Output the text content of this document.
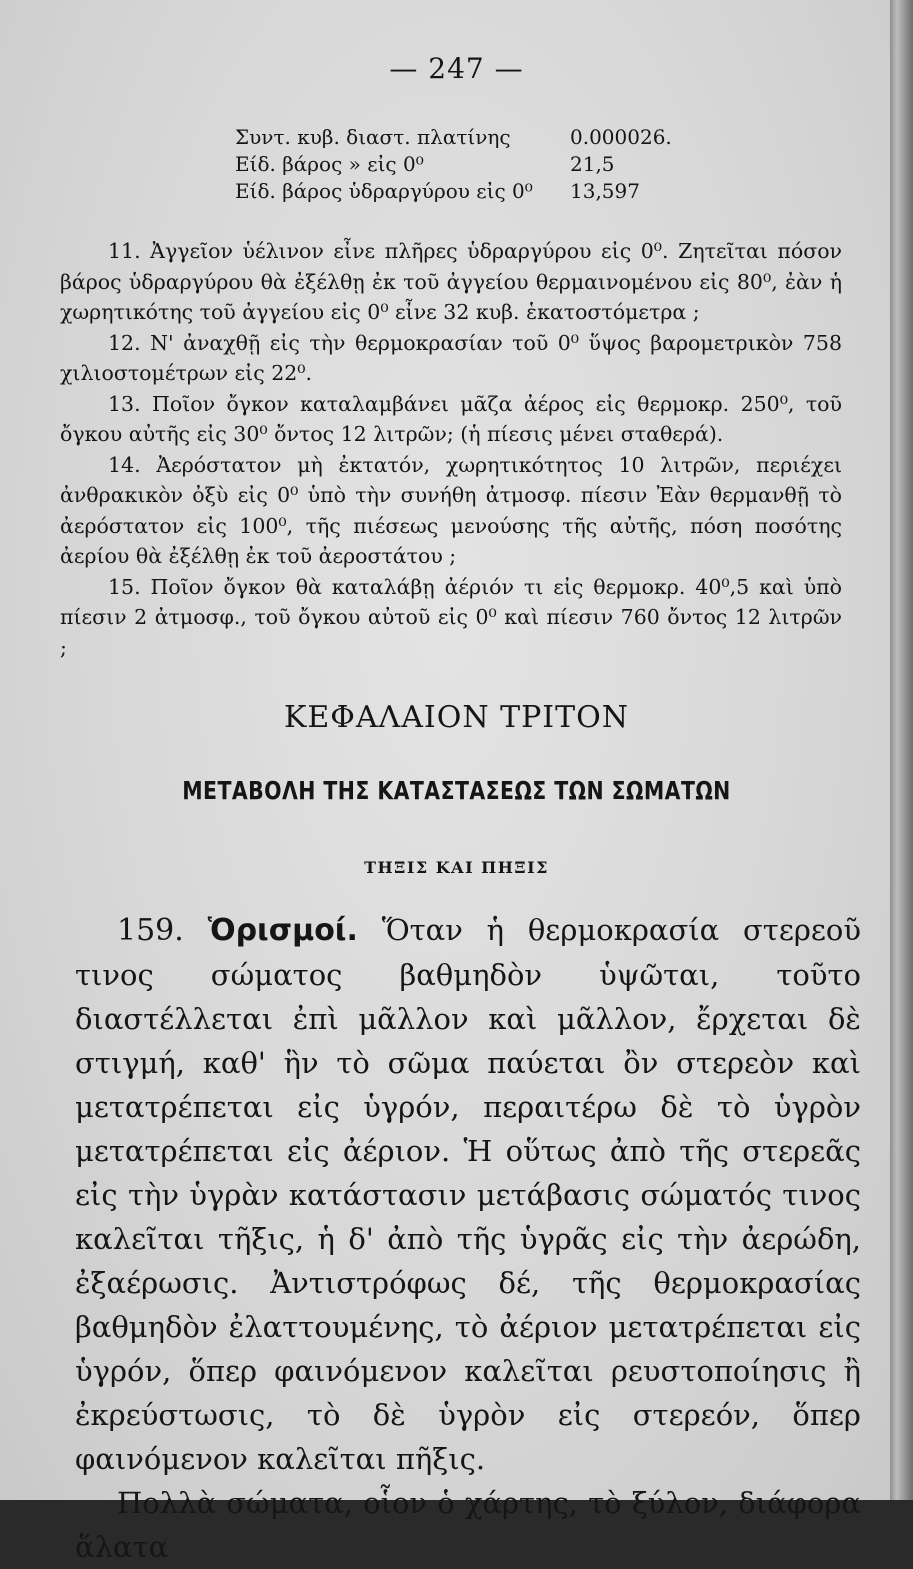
— 247 —
Συντ. κυβ. διαστ. πλατίνης	0.000026.
Είδ. βάρος » εἰς 0⁰	21,5
Είδ. βάρος ὑδραργύρου εἰς 0⁰	13,597

11. Ἀγγεῖον ὑέλινον εἶνε πλῆρες ὑδραργύρου εἰς 0⁰. Ζητεῖται πόσον βάρος ὑδραργύρου θὰ ἐξέλθῃ ἐκ τοῦ ἀγγείου θερμαινομένου εἰς 80⁰, ἐὰν ἡ χωρητικότης τοῦ ἀγγείου εἰς 0⁰ εἶνε 32 κυβ. ἑκατοστόμετρα ;

12. Ν' ἀναχθῇ εἰς τὴν θερμοκρασίαν τοῦ 0⁰ ὕψος βαρομετρικὸν 758 χιλιοστομέτρων εἰς 22⁰.

13. Ποῖον ὄγκον καταλαμβάνει μᾶζα ἀέρος εἰς θερμοκρ. 250⁰, τοῦ ὄγκου αὐτῆς εἰς 30⁰ ὄντος 12 λιτρῶν; (ἡ πίεσις μένει σταθερά).

14. Ἀερόστατον μὴ ἐκτατόν, χωρητικότητος 10 λιτρῶν, περιέχει ἀνθρακικὸν ὀξὺ εἰς 0⁰ ὑπὸ τὴν συνήθη ἀτμοσφ. πίεσιν Ἐὰν θερμανθῇ τὸ ἀερόστατον εἰς 100⁰, τῆς πιέσεως μενούσης τῆς αὐτῆς, πόση ποσότης ἀερίου θὰ ἐξέλθῃ ἐκ τοῦ ἀεροστάτου ;

15. Ποῖον ὄγκον θὰ καταλάβῃ ἀέριόν τι εἰς θερμοκρ. 40⁰,5 καὶ ὑπὸ πίεσιν 2 ἀτμοσφ., τοῦ ὄγκου αὐτοῦ εἰς 0⁰ καὶ πίεσιν 760 ὄντος 12 λιτρῶν ;

ΚΕΦΑΛΑΙΟΝ ΤΡΙΤΟΝ
ΜΕΤΑΒΟΛΗ ΤΗΣ ΚΑΤΑΣΤΑΣΕΩΣ ΤΩΝ ΣΩΜΑΤΩΝ
ΤΗΞΙΣ ΚΑΙ ΠΗΞΙΣ

159. Ὁρισμοί. Ὅταν ἡ θερμοκρασία στερεοῦ τινος σώματος βαθμηδὸν ὑψῶται, τοῦτο διαστέλλεται ἐπὶ μᾶλλον καὶ μᾶλλον, ἔρχεται δὲ στιγμή, καθ' ἣν τὸ σῶμα παύεται ὂν στερεὸν καὶ μετατρέπεται εἰς ὑγρόν, περαιτέρω δὲ τὸ ὑγρὸν μετατρέπεται εἰς ἀέριον. Ἡ οὕτως ἀπὸ τῆς στερεᾶς εἰς τὴν ὑγρὰν κατάστασιν μετάβασις σώματός τινος καλεῖται τῆξις, ἡ δ' ἀπὸ τῆς ὑγρᾶς εἰς τὴν ἀερώδη, ἐξαέρωσις. Ἀντιστρόφως δέ, τῆς θερμοκρασίας βαθμηδὸν ἐλαττουμένης, τὸ ἀέριον μετατρέπεται εἰς ὑγρόν, ὅπερ φαινόμενον καλεῖται ρευστοποίησις ἢ ἐκρεύστωσις, τὸ δὲ ὑγρὸν εἰς στερεόν, ὅπερ φαινόμενον καλεῖται πῆξις.

Πολλὰ σώματα, οἷον ὁ χάρτης, τὸ ξύλον, διάφορα ἅλατα
